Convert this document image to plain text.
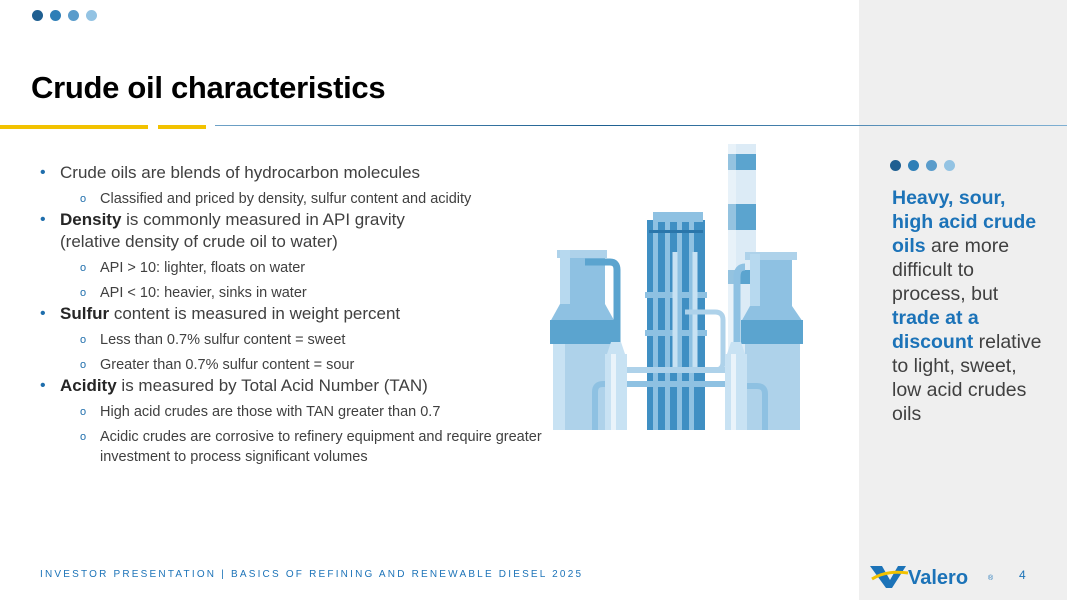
Crude oil characteristics
• Crude oils are blends of hydrocarbon molecules
o Classified and priced by density, sulfur content and acidity
• Density is commonly measured in API gravity
(relative density of crude oil to water)
o API > 10: lighter, floats on water
o API < 10: heavier, sinks in water
• Sulfur content is measured in weight percent
o Less than 0.7% sulfur content = sweet
o Greater than 0.7% sulfur content = sour
• Acidity is measured by Total Acid Number (TAN)
o High acid crudes are those with TAN greater than 0.7
o Acidic crudes are corrosive to refinery equipment and require greater investment to process significant volumes
Heavy, sour, high acid crude oils are more difficult to process, but trade at a discount relative to light, sweet, low acid crudes oils
INVESTOR PRESENTATION | BASICS OF REFINING AND RENEWABLE DIESEL 2025	Valero	® 4
